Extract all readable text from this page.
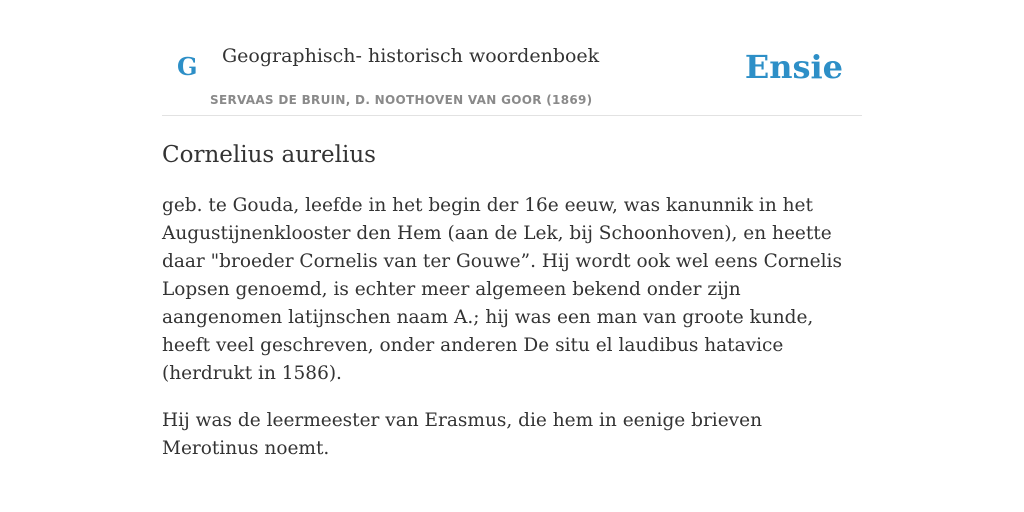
G Geographisch- historisch woordenboek
SERVAAS DE BRUIN, D. NOOTHOVEN VAN GOOR (1869)
Ensie
Cornelius aurelius

geb. te Gouda, leefde in het begin der 16e eeuw, was kanunnik in het Augustijnenklooster den Hem (aan de Lek, bij Schoonhoven), en heette daar "broeder Cornelis van ter Gouwe”. Hij wordt ook wel eens Cornelis Lopsen genoemd, is echter meer algemeen bekend onder zijn aangenomen latijnschen naam A.; hij was een man van groote kunde, heeft veel geschreven, onder anderen De situ el laudibus hatavice (herdrukt in 1586).

Hij was de leermeester van Erasmus, die hem in eenige brieven Merotinus noemt.
